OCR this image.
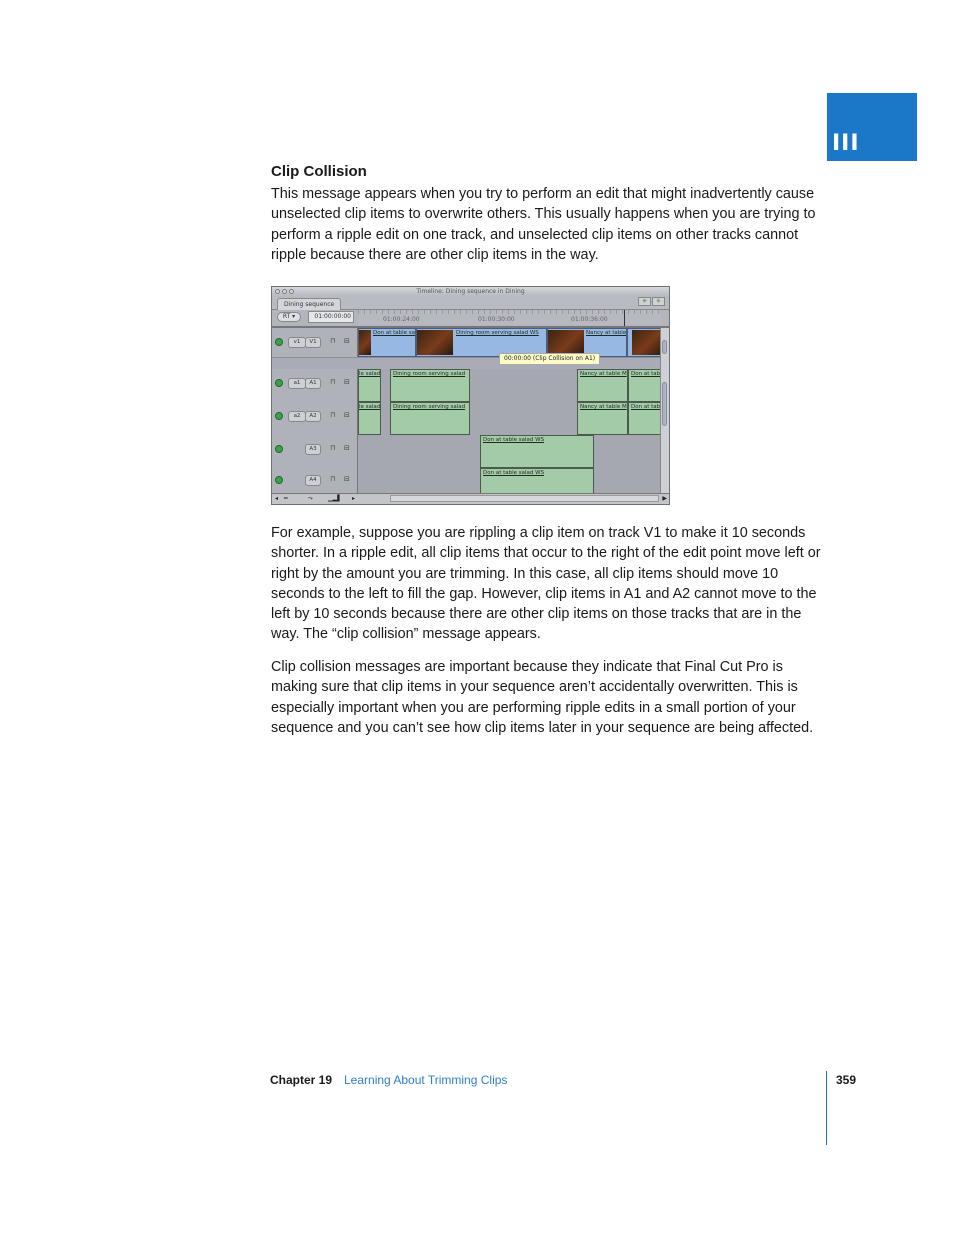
III
Clip Collision

This message appears when you try to perform an edit that might inadvertently cause unselected clip items to overwrite others. This usually happens when you are trying to perform a ripple edit on one track, and unselected clip items on other tracks cannot ripple because there are other clip items in the way.

Timeline: Dining sequence in Dining
Dining sequence	✳	⚘
RT ▾	01:00:00:00	01:00:24:00	01:00:30:00	01:00:36:00
v1	V1	⊓ ⊟
Don at table sa	Dining room serving salad WS	Nancy at table
a1	A1	⊓ ⊟
le salad Dining room serving salad	Nancy at table M Don at tab
a2	A2	⊓ ⊟
le salad Dining room serving salad	Nancy at table M Don at tab
A3	⊓ ⊟
Don at table salad WS
A4	⊓ ⊟
Don at table salad WS
00:00:00 (Clip Collision on A1)
◂ ═	⤳	▁▂▌ ▸	▶

For example, suppose you are rippling a clip item on track V1 to make it 10 seconds shorter. In a ripple edit, all clip items that occur to the right of the edit point move left or right by the amount you are trimming. In this case, all clip items should move 10 seconds to the left to fill the gap. However, clip items in A1 and A2 cannot move to the left by 10 seconds because there are other clip items on those tracks that are in the way. The “clip collision” message appears.

Clip collision messages are important because they indicate that Final Cut Pro is making sure that clip items in your sequence aren’t accidentally overwritten. This is especially important when you are performing ripple edits in a small portion of your sequence and you can’t see how clip items later in your sequence are being affected.

Chapter 19 Learning About Trimming Clips	359
